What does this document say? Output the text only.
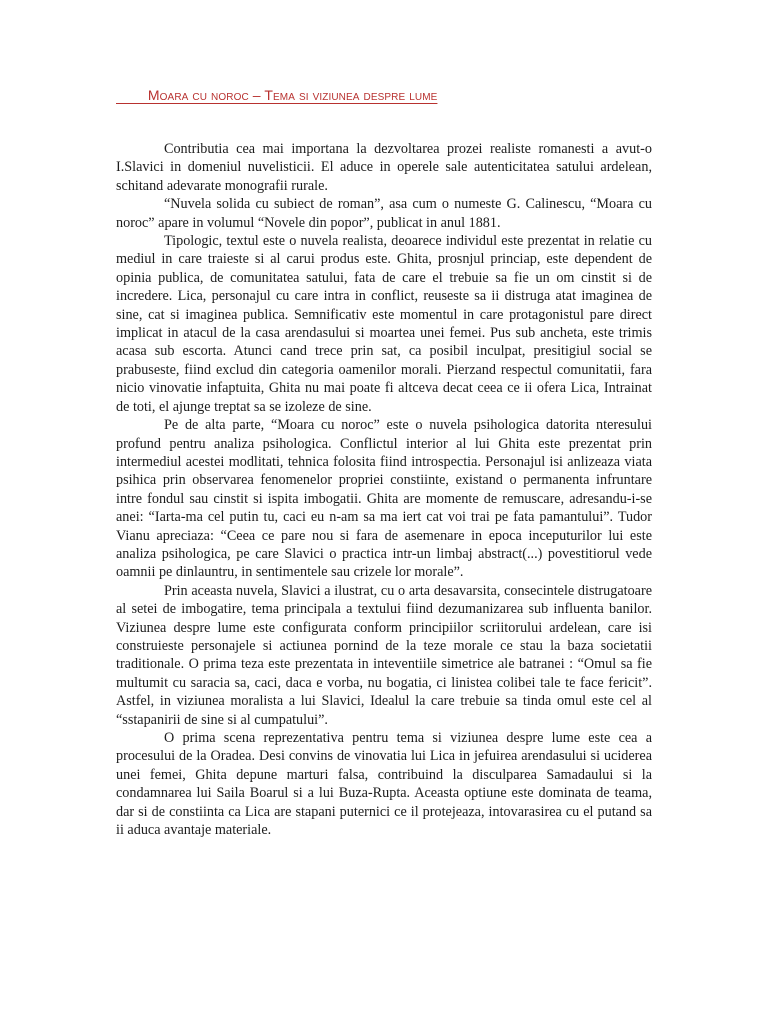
Moara cu noroc – Tema si viziunea despre lume

Contributia cea mai importana la dezvoltarea prozei realiste romanesti a avut-o I.Slavici in domeniul nuvelisticii. El aduce in operele sale autenticitatea satului ardelean, schitand adevarate monografii rurale.

“Nuvela solida cu subiect de roman”, asa cum o numeste G. Calinescu, “Moara cu noroc” apare in volumul “Novele din popor”, publicat in anul 1881.

Tipologic, textul este o nuvela realista, deoarece individul este prezentat in relatie cu mediul in care traieste si al carui produs este. Ghita, prosnjul princiap, este dependent de opinia publica, de comunitatea satului, fata de care el trebuie sa fie un om cinstit si de incredere. Lica, personajul cu care intra in conflict, reuseste sa ii distruga atat imaginea de sine, cat si imaginea publica. Semnificativ este momentul in care protagonistul pare direct implicat in atacul de la casa arendasului si moartea unei femei. Pus sub ancheta, este trimis acasa sub escorta. Atunci cand trece prin sat, ca posibil inculpat, presitigiul social se prabuseste, fiind exclud din categoria oamenilor morali. Pierzand respectul comunitatii, fara nicio vinovatie infaptuita, Ghita nu mai poate fi altceva decat ceea ce ii ofera Lica, Intrainat de toti, el ajunge treptat sa se izoleze de sine.

Pe de alta parte, “Moara cu noroc” este o nuvela psihologica datorita nteresului profund pentru analiza psihologica. Conflictul interior al lui Ghita este prezentat prin intermediul acestei modlitati, tehnica folosita fiind introspectia. Personajul isi anlizeaza viata psihica prin observarea fenomenelor propriei constiinte, existand o permanenta infruntare intre fondul sau cinstit si ispita imbogatii. Ghita are momente de remuscare, adresandu-i-se anei: “Iarta-ma cel putin tu, caci eu n-am sa ma iert cat voi trai pe fata pamantului”. Tudor Vianu apreciaza: “Ceea ce pare nou si fara de asemenare in epoca inceputurilor lui este analiza psihologica, pe care Slavici o practica intr-un limbaj abstract(...) povestitiorul vede oamnii pe dinlauntru, in sentimentele sau crizele lor morale”.

Prin aceasta nuvela, Slavici a ilustrat, cu o arta desavarsita, consecintele distrugatoare al setei de imbogatire, tema principala a textului fiind dezumanizarea sub influenta banilor. Viziunea despre lume este configurata conform principiilor scriitorului ardelean, care isi construieste personajele si actiunea pornind de la teze morale ce stau la baza societatii traditionale. O prima teza este prezentata in inteventiile simetrice ale batranei : “Omul sa fie multumit cu saracia sa, caci, daca e vorba, nu bogatia, ci linistea colibei tale te face fericit”. Astfel, in viziunea moralista a lui Slavici, Idealul la care trebuie sa tinda omul este cel al “sstapanirii de sine si al cumpatului”.

O prima scena reprezentativa pentru tema si viziunea despre lume este cea a procesului de la Oradea. Desi convins de vinovatia lui Lica in jefuirea arendasului si uciderea unei femei, Ghita depune marturi falsa, contribuind la disculparea Samadaului si la condamnarea lui Saila Boarul si a lui Buza-Rupta. Aceasta optiune este dominata de teama, dar si de constiinta ca Lica are stapani puternici ce il protejeaza, intovarasirea cu el putand sa ii aduca avantaje materiale.
